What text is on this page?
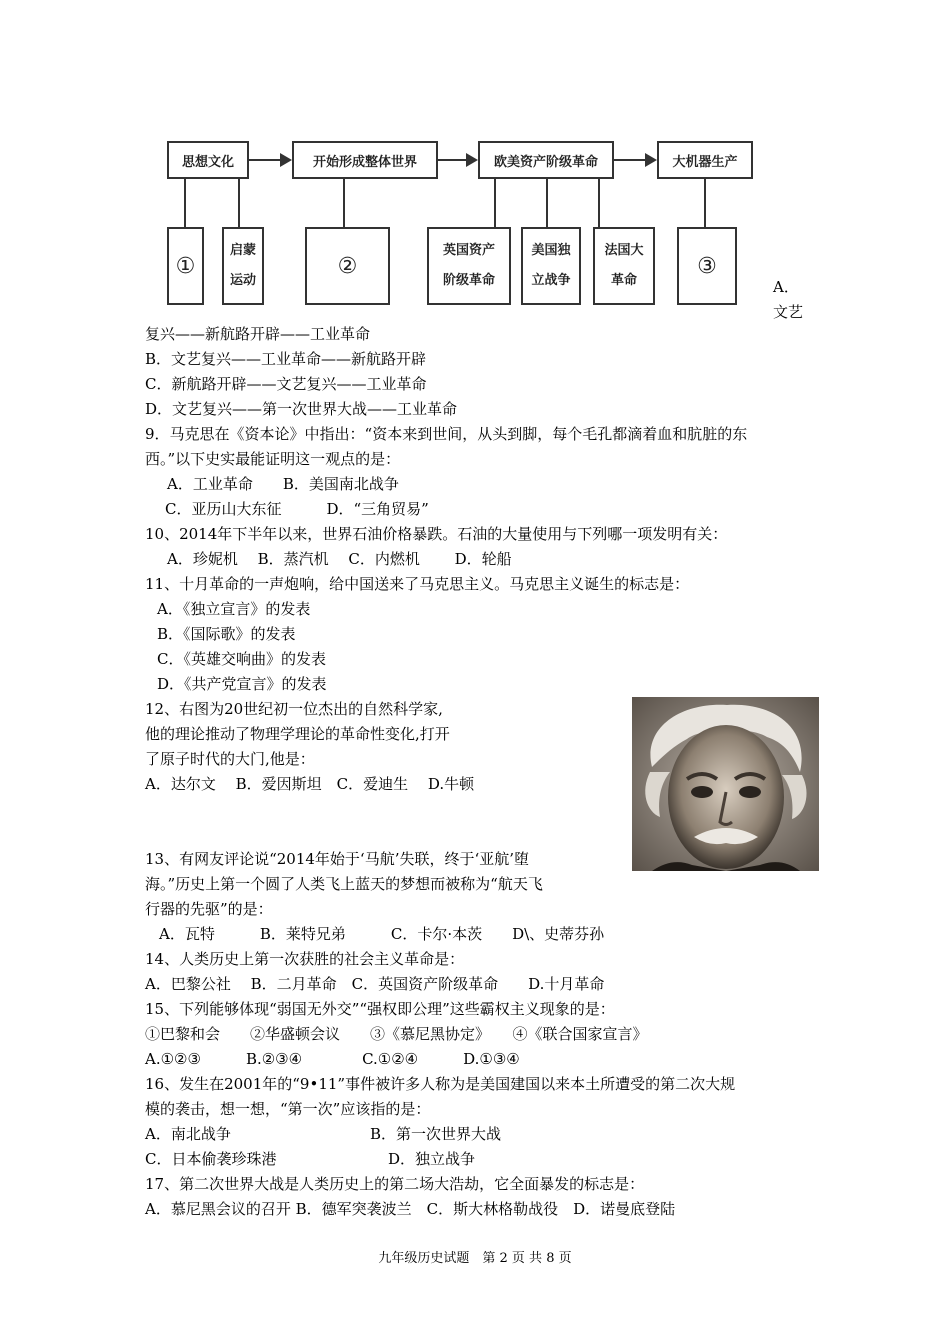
思想文化	开始形成整体世界	欧美资产阶级革命	大机器生产
①
启蒙
运动
②
英国资产
阶级革命
美国独
立战争
法国大
革命
③
A．
文艺
复兴——新航路开辟——工业革命
B．文艺复兴——工业革命——新航路开辟
C．新航路开辟——文艺复兴——工业革命
D．文艺复兴——第一次世界大战——工业革命
9．马克思在《资本论》中指出：“资本来到世间，从头到脚，每个毛孔都滴着血和肮脏的东
西。”以下史实最能证明这一观点的是：
A．工业革命　　B．美国南北战争
C．亚历山大东征　　　D．“三角贸易”
10、2014年下半年以来，世界石油价格暴跌。石油的大量使用与下列哪一项发明有关：
A．珍妮机　 B．蒸汽机　 C．内燃机　　 D．轮船
11、十月革命的一声炮响，给中国送来了马克思主义。马克思主义诞生的标志是：
A．《独立宣言》的发表
B．《国际歌》的发表
C．《英雄交响曲》的发表
D．《共产党宣言》的发表
12、右图为20世纪初一位杰出的自然科学家,
他的理论推动了物理学理论的革命性变化,打开
了原子时代的大门,他是：
A．达尔文　 B．爱因斯坦　C．爱迪生　 D.牛顿
13、有网友评论说“2014年始于‘马航’失联，终于‘亚航’堕
海。”历史上第一个圆了人类飞上蓝天的梦想而被称为“航天飞
行器的先驱”的是：
A．瓦特　　　B．莱特兄弟　　　C．卡尔·本茨　　D\、史蒂芬孙
14、人类历史上第一次获胜的社会主义革命是：
A．巴黎公社　 B．二月革命　C．英国资产阶级革命　　D.十月革命
15、下列能够体现“弱国无外交”“强权即公理”这些霸权主义现象的是：
①巴黎和会　　②华盛顿会议　　③《慕尼黑协定》　　④《联合国家宣言》
A.①②③　　　B.②③④　　　　C.①②④　　　D.①③④
16、发生在2001年的“9•11”事件被许多人称为是美国建国以来本土所遭受的第二次大规
模的袭击，想一想，“第一次”应该指的是：
A．南北战争	B．第一次世界大战
C．日本偷袭珍珠港	D．独立战争
17、第二次世界大战是人类历史上的第二场大浩劫，它全面暴发的标志是：
A．慕尼黑会议的召开 B．德军突袭波兰　C．斯大林格勒战役　D．诺曼底登陆
九年级历史试题　第 2 页 共 8 页
